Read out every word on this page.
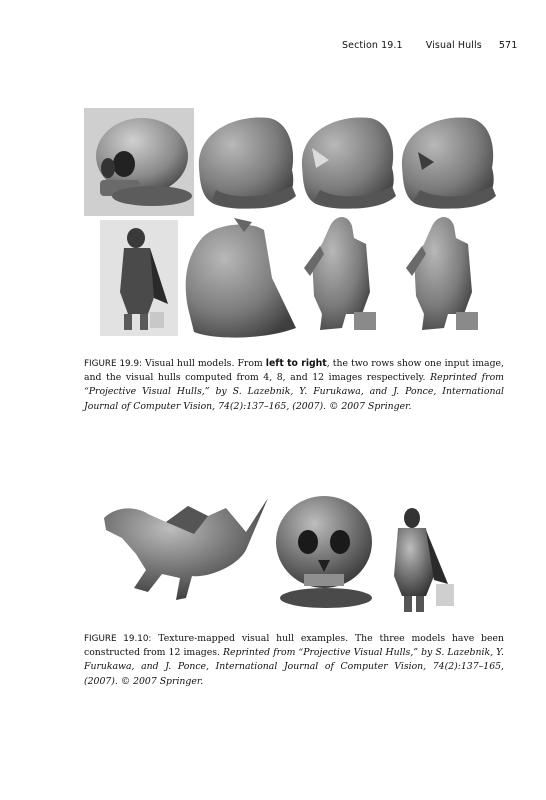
Section 19.1 Visual Hulls 571
FIGURE 19.9: Visual hull models. From left to right, the two rows show one input image, and the visual hulls computed from 4, 8, and 12 images respectively. Reprinted from “Projective Visual Hulls,” by S. Lazebnik, Y. Furukawa, and J. Ponce, International Journal of Computer Vision, 74(2):137–165, (2007). © 2007 Springer.
FIGURE 19.10: Texture-mapped visual hull examples. The three models have been constructed from 12 images. Reprinted from “Projective Visual Hulls,” by S. Lazebnik, Y. Furukawa, and J. Ponce, International Journal of Computer Vision, 74(2):137–165, (2007). © 2007 Springer.
